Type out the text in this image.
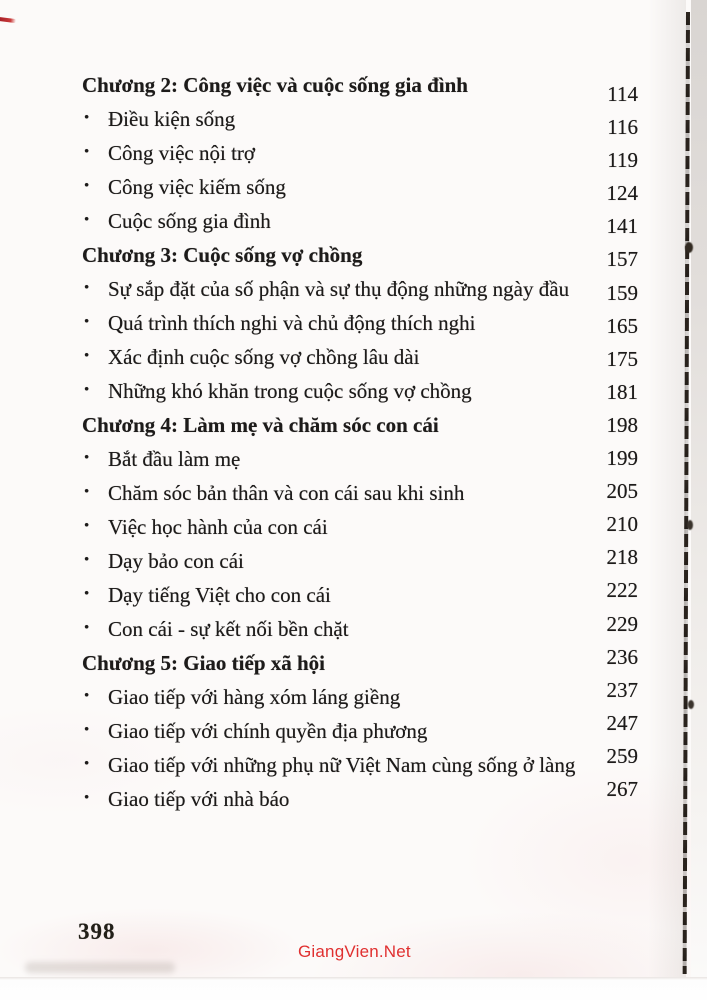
Chương 2: Công việc và cuộc sống gia đình	114
• Điều kiện sống	116
• Công việc nội trợ	119
• Công việc kiếm sống	124
• Cuộc sống gia đình	141
Chương 3: Cuộc sống vợ chồng	157
• Sự sắp đặt của số phận và sự thụ động những ngày đầu	159
• Quá trình thích nghi và chủ động thích nghi	165
• Xác định cuộc sống vợ chồng lâu dài	175
• Những khó khăn trong cuộc sống vợ chồng	181
Chương 4: Làm mẹ và chăm sóc con cái	198
• Bắt đầu làm mẹ	199
• Chăm sóc bản thân và con cái sau khi sinh	205
• Việc học hành của con cái	210
• Dạy bảo con cái	218
• Dạy tiếng Việt cho con cái	222
• Con cái - sự kết nối bền chặt	229
Chương 5: Giao tiếp xã hội	236
• Giao tiếp với hàng xóm láng giềng	237
• Giao tiếp với chính quyền địa phương	247
• Giao tiếp với những phụ nữ Việt Nam cùng sống ở làng	259
• Giao tiếp với nhà báo	267
398
GiangVien.Net
